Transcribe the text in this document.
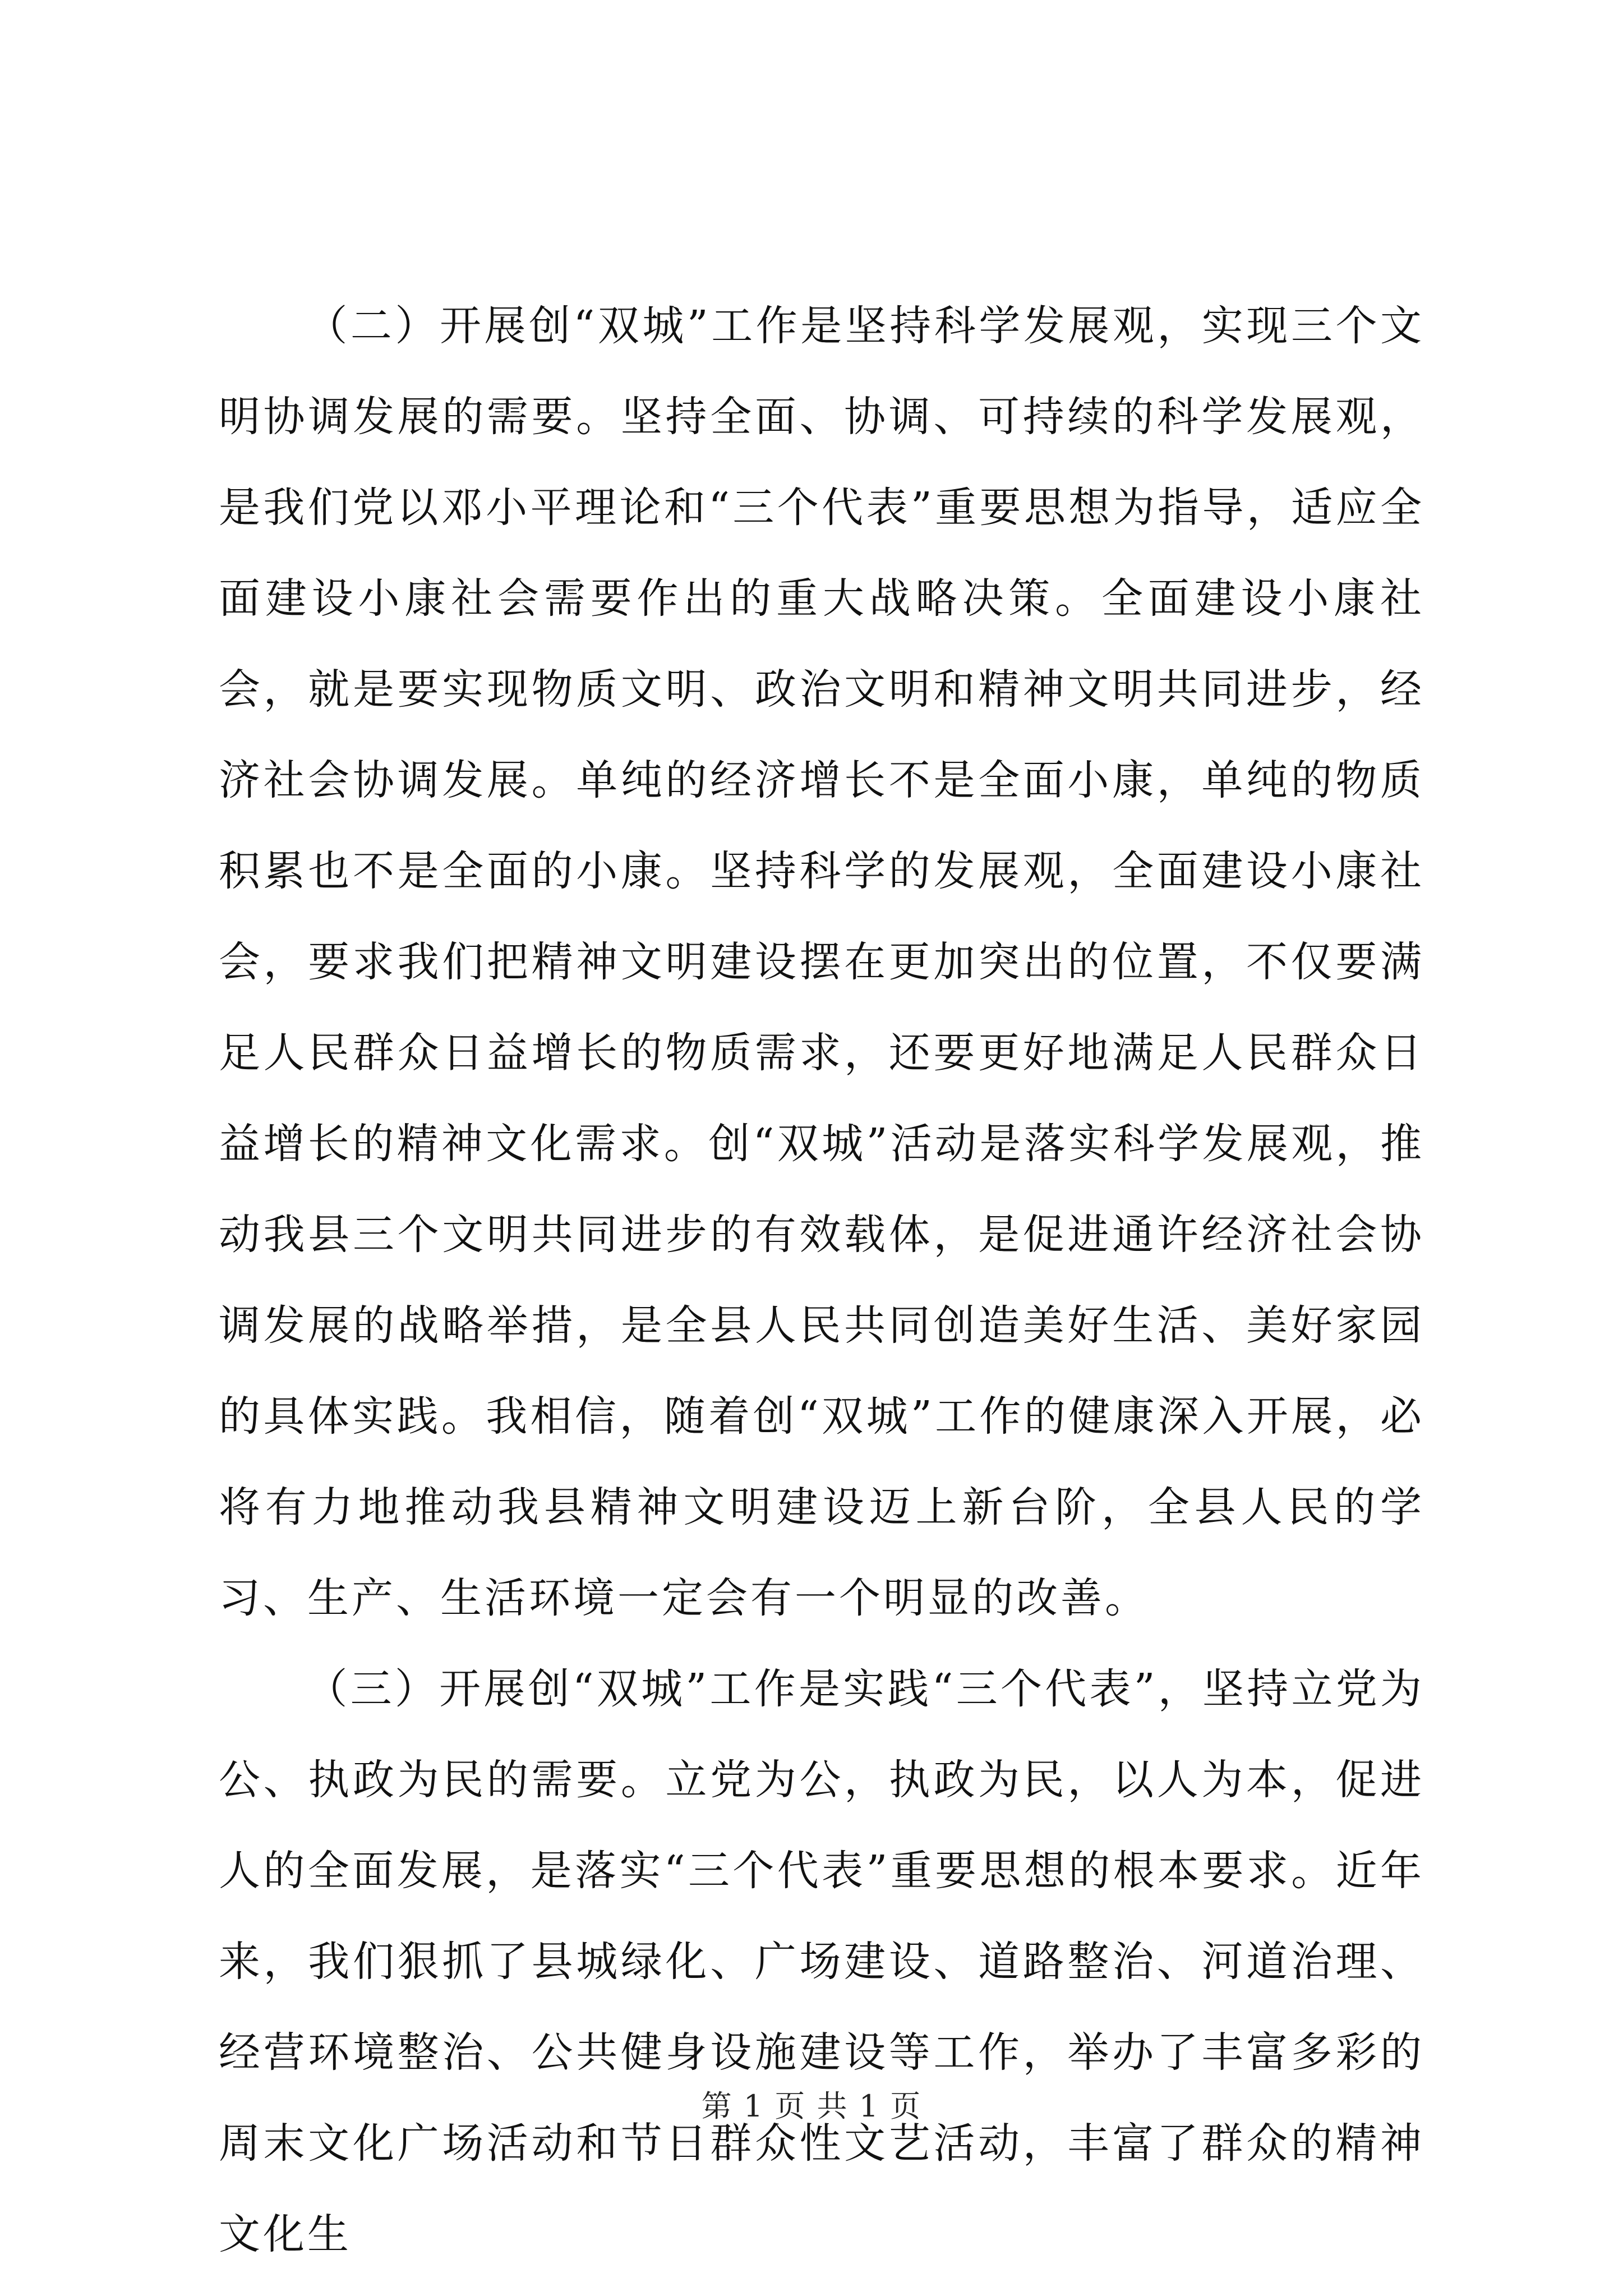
（二）开展创“双城”工作是坚持科学发展观，实现三个文明协调发展的需要。坚持全面、协调、可持续的科学发展观，是我们党以邓小平理论和“三个代表”重要思想为指导，适应全面建设小康社会需要作出的重大战略决策。全面建设小康社会，就是要实现物质文明、政治文明和精神文明共同进步，经济社会协调发展。单纯的经济增长不是全面小康，单纯的物质积累也不是全面的小康。坚持科学的发展观，全面建设小康社会，要求我们把精神文明建设摆在更加突出的位置，不仅要满足人民群众日益增长的物质需求，还要更好地满足人民群众日益增长的精神文化需求。创“双城”活动是落实科学发展观，推动我县三个文明共同进步的有效载体，是促进通许经济社会协调发展的战略举措，是全县人民共同创造美好生活、美好家园的具体实践。我相信，随着创“双城”工作的健康深入开展，必将有力地推动我县精神文明建设迈上新台阶，全县人民的学习、生产、生活环境一定会有一个明显的改善。

（三）开展创“双城”工作是实践“三个代表”，坚持立党为公、执政为民的需要。立党为公，执政为民，以人为本，促进人的全面发展，是落实“三个代表”重要思想的根本要求。近年来，我们狠抓了县城绿化、广场建设、道路整治、河道治理、经营环境整治、公共健身设施建设等工作，举办了丰富多彩的周末文化广场活动和节日群众性文艺活动，丰富了群众的精神文化生

第 1 页 共 1 页
